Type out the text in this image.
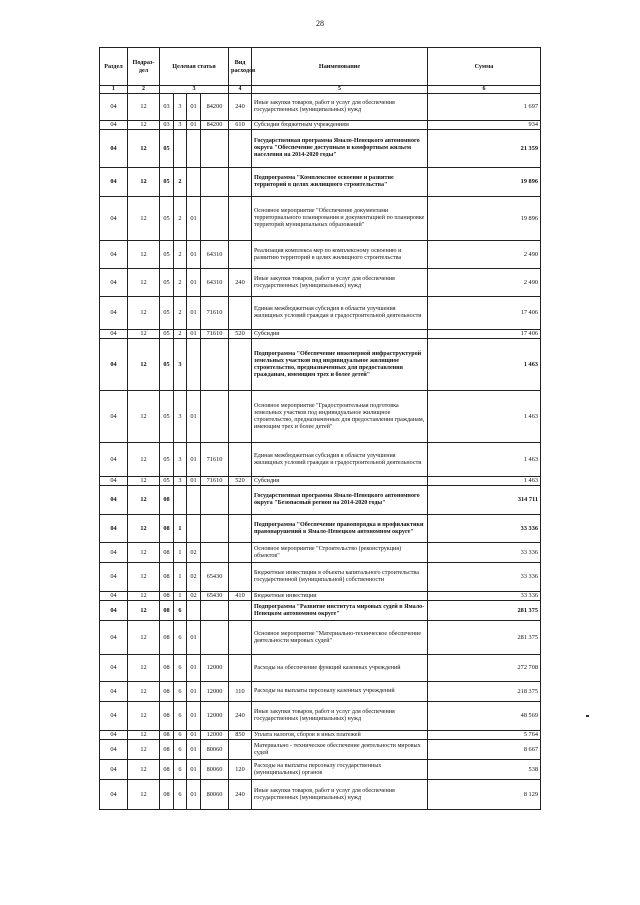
28
Раздел	Подраз-дел	Целевая статья				Вид расходов	Наименование	Сумма
1	2	3				4	5	6
04	12	03	3	01	84200	240	Иные закупки товаров, работ и услуг для обеспечения государственных (муниципальных) нужд	1 697
04	12	03	3	01	84200	610	Субсидии бюджетным учреждениям	934
04	12	05					Государственная программа Ямало-Ненецкого автономного округа "Обеспечение доступным и комфортным жильем населения на 2014-2020 годы"	21 359
04	12	05	2				Подпрограмма "Комплексное освоение и развитие территорий в целях жилищного строительства"	19 896
04	12	05	2	01			Основное мероприятие "Обеспечение документами территориального планирования и документацией по планировке территорий муниципальных образований"	19 896
04	12	05	2	01	64310		Реализация комплекса мер по комплексному освоению и развитию территорий в целях жилищного строительства	2 490
04	12	05	2	01	64310	240	Иные закупки товаров, работ и услуг для обеспечения государственных (муниципальных) нужд	2 490
04	12	05	2	01	71610		Единая межбюджетная субсидия в области улучшения жилищных условий граждан и градостроительной деятельности	17 406
04	12	05	2	01	71610	520	Субсидии	17 406
04	12	05	3				Подпрограмма "Обеспечение инженерной инфраструктурой земельных участков под индивидуальное жилищное строительство, предназначенных для предоставления гражданам, имеющим трех и более детей"	1 463
04	12	05	3	01			Основное мероприятие "Градостроительная подготовка земельных участков под индивидуальное жилищное строительство, предназначенных для предоставления гражданам, имеющим трех и более детей"	1 463
04	12	05	3	01	71610		Единая межбюджетная субсидия в области улучшения жилищных условий граждан и градостроительной деятельности	1 463
04	12	05	3	01	71610	520	Субсидии	1 463
04	12	08					Государственная программа Ямало-Ненецкого автономного округа "Безопасный регион на 2014-2020 годы"	314 711
04	12	08	1				Подпрограмма "Обеспечение правопорядка и профилактики правонарушений в Ямало-Ненецком автономном округе"	33 336
04	12	08	1	02			Основное мероприятие "Строительство (реконструкция) объектов"	33 336
04	12	08	1	02	65430		Бюджетные инвестиции в объекты капитального строительства государственной (муниципальной) собственности	33 336
04	12	08	1	02	65430	410	Бюджетные инвестиции	33 336
04	12	08	6				Подпрограмма "Развитие института мировых судей в Ямало-Ненецком автономном округе"	281 375
04	12	08	6	01			Основное мероприятие "Материально-техническое обеспечение деятельности мировых судей"	281 375
04	12	08	6	01	12000		Расходы на обеспечение функций казенных учреждений	272 708
04	12	08	6	01	12000	110	Расходы на выплаты персоналу казенных учреждений	218 375
04	12	08	6	01	12000	240	Иные закупки товаров, работ и услуг для обеспечения государственных (муниципальных) нужд	48 569
04	12	08	6	01	12000	850	Уплата налогов, сборов и иных платежей	5 764
04	12	08	6	01	80060		Материально - техническое обеспечение деятельности мировых судей	8 667
04	12	08	6	01	80060	120	Расходы на выплаты персоналу государственных (муниципальных) органов	538
04	12	08	6	01	80060	240	Иные закупки товаров, работ и услуг для обеспечения государственных (муниципальных) нужд	8 129
